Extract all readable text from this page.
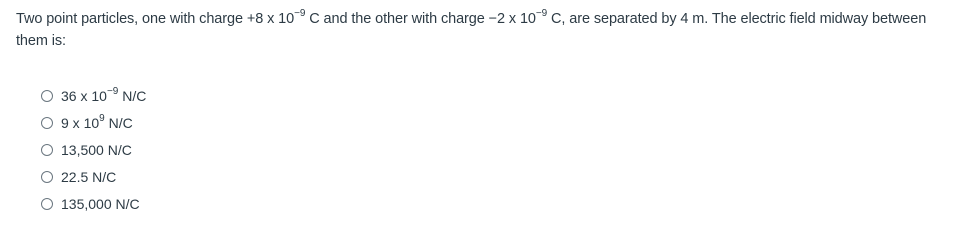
Two point particles, one with charge +8 x $10^{-9}$ C and the other with charge −2 x $10^{-9}$ C, are separated by 4 m. The electric field midway between them is:
36 x $10^{-9}$ N/C
9 x $10^9$ N/C
13,500 N/C
22.5 N/C
135,000 N/C
